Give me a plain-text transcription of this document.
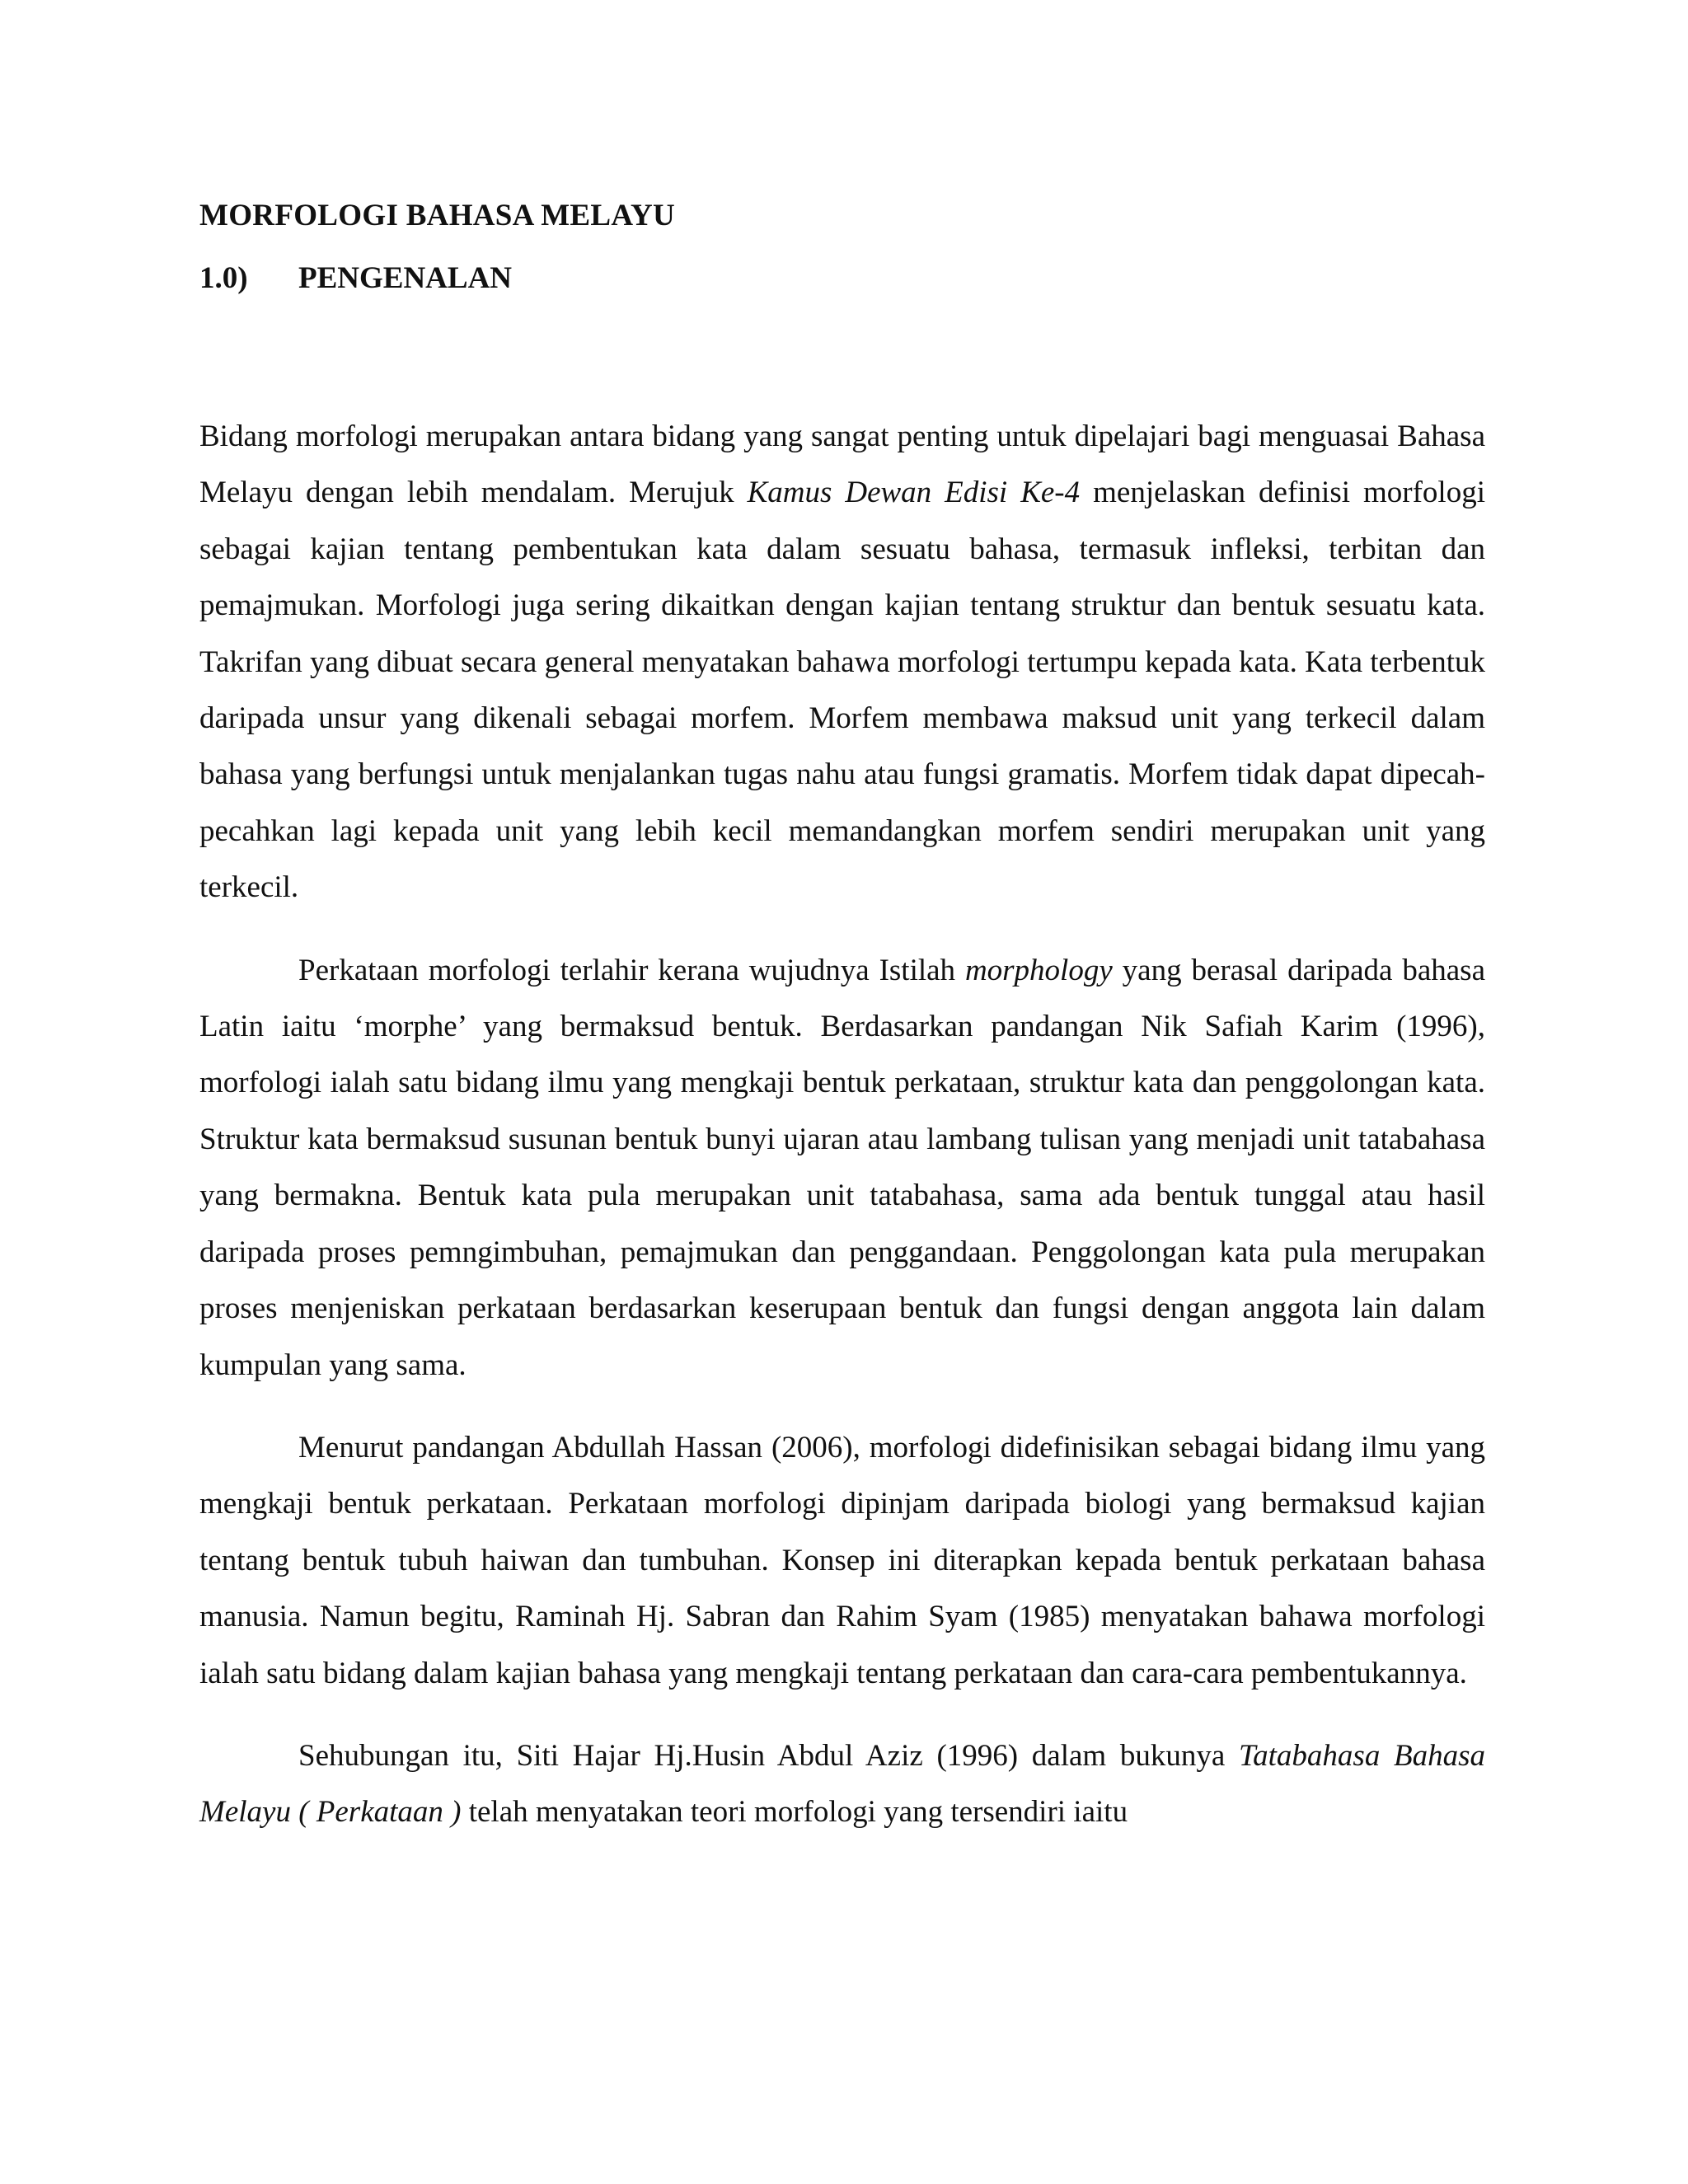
MORFOLOGI BAHASA MELAYU
1.0)	PENGENALAN

Bidang morfologi merupakan antara bidang yang sangat penting untuk dipelajari bagi menguasai Bahasa Melayu dengan lebih mendalam. Merujuk Kamus Dewan Edisi Ke-4 menjelaskan definisi morfologi sebagai kajian tentang pembentukan kata dalam sesuatu bahasa, termasuk infleksi, terbitan dan pemajmukan. Morfologi juga sering dikaitkan dengan kajian tentang struktur dan bentuk sesuatu kata. Takrifan yang dibuat secara general menyatakan bahawa morfologi tertumpu kepada kata. Kata terbentuk daripada unsur yang dikenali sebagai morfem. Morfem membawa maksud unit yang terkecil dalam bahasa yang berfungsi untuk menjalankan tugas nahu atau fungsi gramatis. Morfem tidak dapat dipecah-pecahkan lagi kepada unit yang lebih kecil memandangkan morfem sendiri merupakan unit yang terkecil.

Perkataan morfologi terlahir kerana wujudnya Istilah morphology yang berasal daripada bahasa Latin iaitu ‘morphe’ yang bermaksud bentuk. Berdasarkan pandangan Nik Safiah Karim (1996), morfologi ialah satu bidang ilmu yang mengkaji bentuk perkataan, struktur kata dan penggolongan kata. Struktur kata bermaksud susunan bentuk bunyi ujaran atau lambang tulisan yang menjadi unit tatabahasa yang bermakna. Bentuk kata pula merupakan unit tatabahasa, sama ada bentuk tunggal atau hasil daripada proses pemngimbuhan, pemajmukan dan penggandaan. Penggolongan kata pula merupakan proses menjeniskan perkataan berdasarkan keserupaan bentuk dan fungsi dengan anggota lain dalam kumpulan yang sama.

Menurut pandangan Abdullah Hassan (2006), morfologi didefinisikan sebagai bidang ilmu yang mengkaji bentuk perkataan. Perkataan morfologi dipinjam daripada biologi yang bermaksud kajian tentang bentuk tubuh haiwan dan tumbuhan. Konsep ini diterapkan kepada bentuk perkataan bahasa manusia. Namun begitu, Raminah Hj. Sabran dan Rahim Syam (1985) menyatakan bahawa morfologi ialah satu bidang dalam kajian bahasa yang mengkaji tentang perkataan dan cara-cara pembentukannya.

Sehubungan itu, Siti Hajar Hj.Husin Abdul Aziz (1996) dalam bukunya Tatabahasa Bahasa Melayu ( Perkataan ) telah menyatakan teori morfologi yang tersendiri iaitu
